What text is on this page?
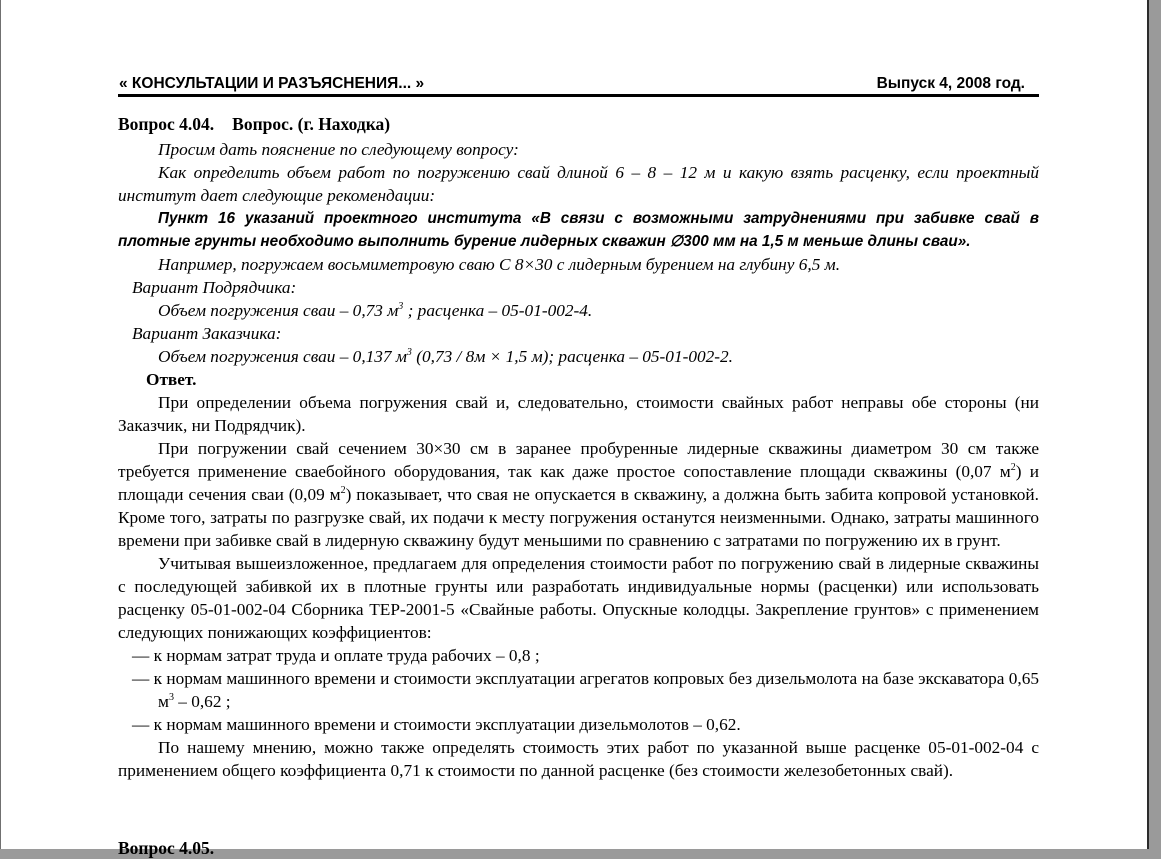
« КОНСУЛЬТАЦИИ И РАЗЪЯСНЕНИЯ... »	Выпуск 4, 2008 год.

Вопрос 4.04. Вопрос. (г. Находка)

Просим дать пояснение по следующему вопросу:

Как определить объем работ по погружению свай длиной 6 – 8 – 12 м и какую взять расценку, если проектный институт дает следующие рекомендации:

Пункт 16 указаний проектного института «В связи с возможными затруднениями при забивке свай в плотные грунты необходимо выполнить бурение лидерных скважин ∅300 мм на 1,5 м меньше длины сваи».

Например, погружаем восьмиметровую сваю С 8×30 с лидерным бурением на глубину 6,5 м.

Вариант Подрядчика:

Объем погружения сваи – 0,73 $м^3$ ; расценка – 05-01-002-4.

Вариант Заказчика:

Объем погружения сваи – 0,137 $м^3$ (0,73 / 8м × 1,5 м); расценка – 05-01-002-2.

Ответ.

При определении объема погружения свай и, следовательно, стоимости свайных работ неправы обе стороны (ни Заказчик, ни Подрядчик).

При погружении свай сечением 30×30 см в заранее пробуренные лидерные скважины диаметром 30 см также требуется применение сваебойного оборудования, так как даже простое сопоставление площади скважины (0,07 $м^2$) и площади сечения сваи (0,09 $м^2$) показывает, что свая не опускается в скважину, а должна быть забита копровой установкой. Кроме того, затраты по разгрузке свай, их подачи к месту погружения останутся неизменными. Однако, затраты машинного времени при забивке свай в лидерную скважину будут меньшими по сравнению с затратами по погружению их в грунт.

Учитывая вышеизложенное, предлагаем для определения стоимости работ по погружению свай в лидерные скважины с последующей забивкой их в плотные грунты или разработать индивидуальные нормы (расценки) или использовать расценку 05-01-002-04 Сборника ТЕР-2001-5 «Свайные работы. Опускные колодцы. Закрепление грунтов» с применением следующих понижающих коэффициентов:

— к нормам затрат труда и оплате труда рабочих – 0,8 ;

— к нормам машинного времени и стоимости эксплуатации агрегатов копровых без дизельмолота на базе экскаватора 0,65 $м^3 - 0,62$ ;

— к нормам машинного времени и стоимости эксплуатации дизельмолотов – 0,62.

По нашему мнению, можно также определять стоимость этих работ по указанной выше расценке 05-01-002-04 с применением общего коэффициента 0,71 к стоимости по данной расценке (без стоимости железобетонных свай).

Вопрос 4.05.
